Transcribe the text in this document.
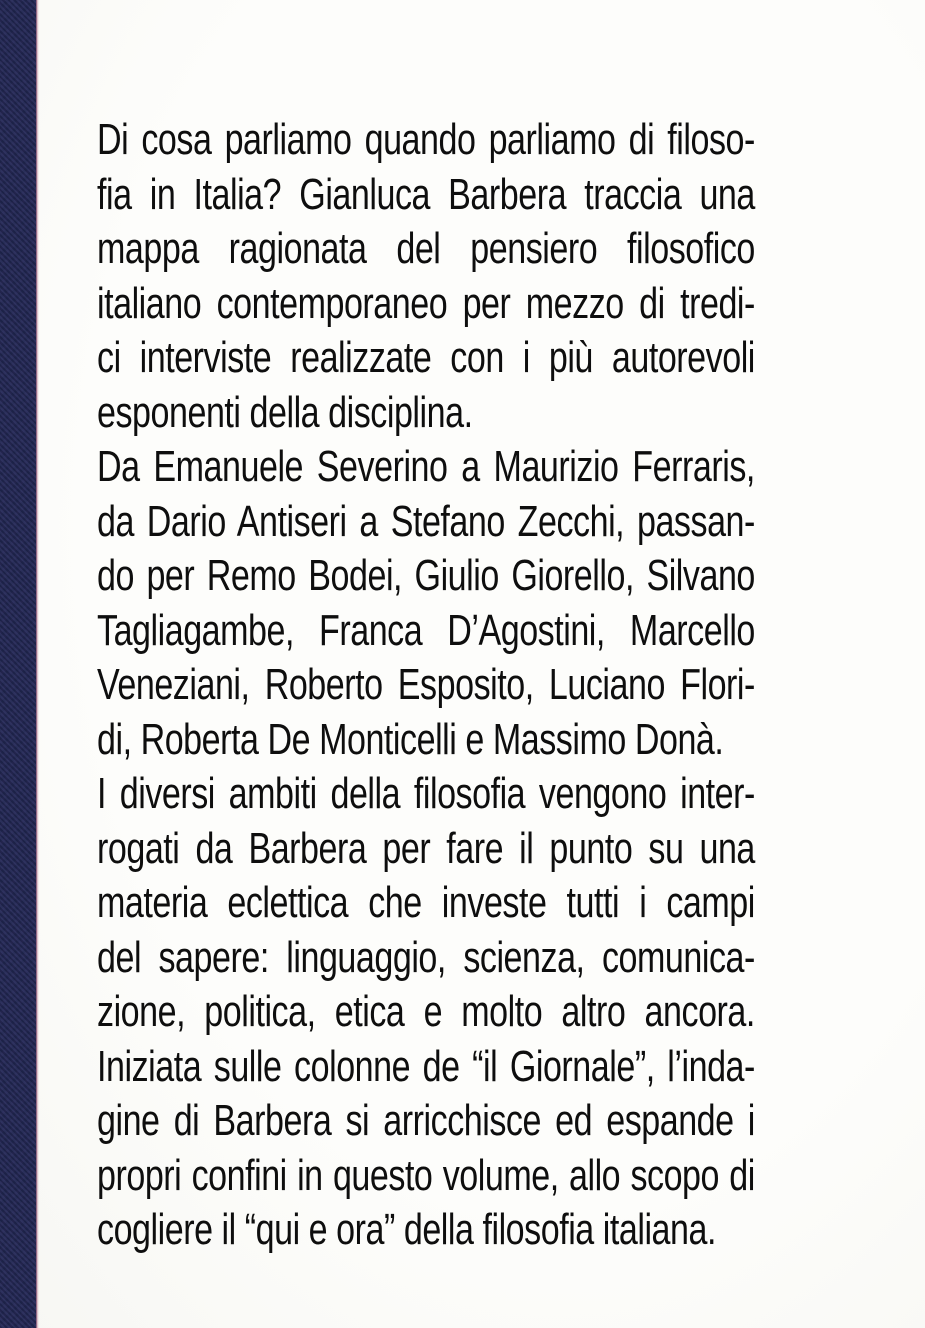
Di cosa parliamo quando parliamo di filoso-
fia in Italia? Gianluca Barbera traccia una
mappa ragionata del pensiero filosofico
italiano contemporaneo per mezzo di tredi-
ci interviste realizzate con i più autorevoli
esponenti della disciplina.
Da Emanuele Severino a Maurizio Ferraris,
da Dario Antiseri a Stefano Zecchi, passan-
do per Remo Bodei, Giulio Giorello, Silvano
Tagliagambe, Franca D’Agostini, Marcello
Veneziani, Roberto Esposito, Luciano Flori-
di, Roberta De Monticelli e Massimo Donà.
I diversi ambiti della filosofia vengono inter-
rogati da Barbera per fare il punto su una
materia eclettica che investe tutti i campi
del sapere: linguaggio, scienza, comunica-
zione, politica, etica e molto altro ancora.
Iniziata sulle colonne de “il Giornale”, l’inda-
gine di Barbera si arricchisce ed espande i
propri confini in questo volume, allo scopo di
cogliere il “qui e ora” della filosofia italiana.
